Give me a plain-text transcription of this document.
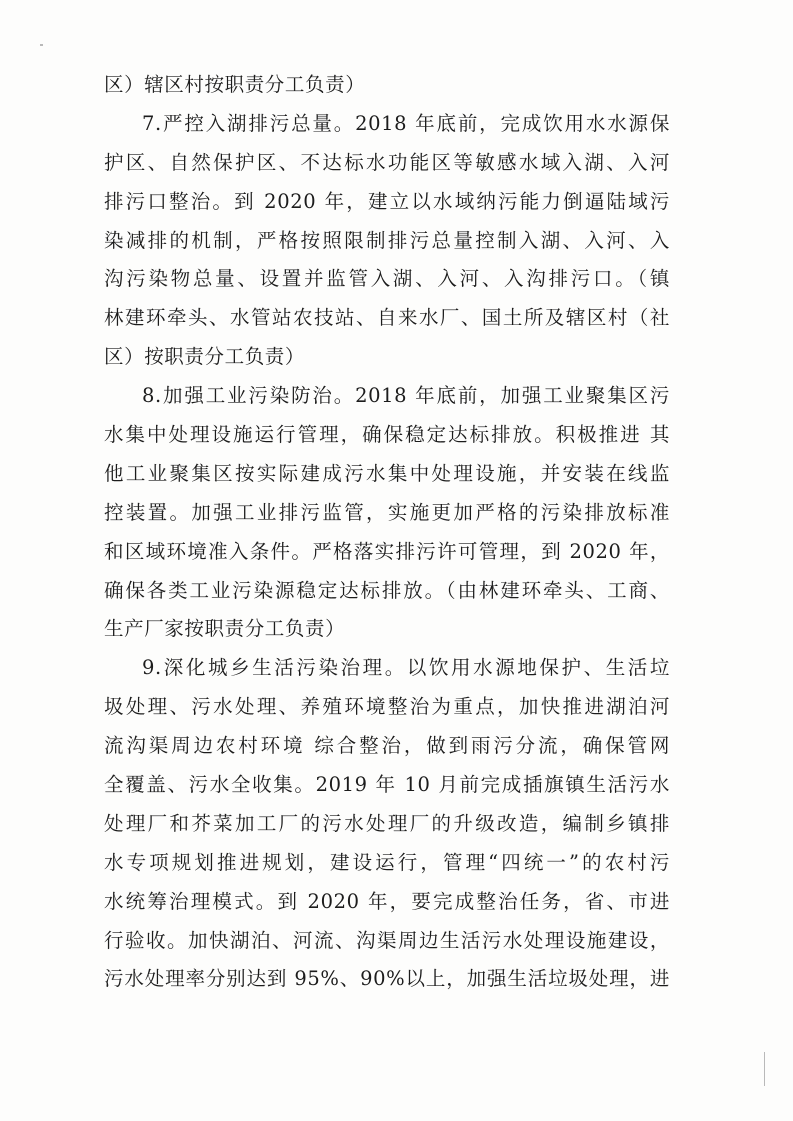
区）辖区村按职责分工负责）
7.严控入湖排污总量。2018 年底前，完成饮用水水源保
护区、自然保护区、不达标水功能区等敏感水域入湖、入河
排污口整治。到 2020 年，建立以水域纳污能力倒逼陆域污
染减排的机制，严格按照限制排污总量控制入湖、入河、入
沟污染物总量、设置并监管入湖、入河、入沟排污口。（镇
林建环牵头、水管站农技站、自来水厂、国土所及辖区村（社
区）按职责分工负责）
8.加强工业污染防治。2018 年底前，加强工业聚集区污
水集中处理设施运行管理，确保稳定达标排放。积极推进 其
他工业聚集区按实际建成污水集中处理设施，并安装在线监
控装置。加强工业排污监管，实施更加严格的污染排放标准
和区域环境准入条件。严格落实排污许可管理，到 2020 年，
确保各类工业污染源稳定达标排放。（由林建环牵头、工商、
生产厂家按职责分工负责）
9.深化城乡生活污染治理。以饮用水源地保护、生活垃
圾处理、污水处理、养殖环境整治为重点，加快推进湖泊河
流沟渠周边农村环境 综合整治，做到雨污分流，确保管网
全覆盖、污水全收集。2019 年 10 月前完成插旗镇生活污水
处理厂和芥菜加工厂的污水处理厂的升级改造，编制乡镇排
水专项规划推进规划，建设运行，管理“四统一”的农村污
水统筹治理模式。到 2020 年，要完成整治任务，省、市进
行验收。加快湖泊、河流、沟渠周边生活污水处理设施建设，
污水处理率分别达到 95%、90%以上，加强生活垃圾处理，进
